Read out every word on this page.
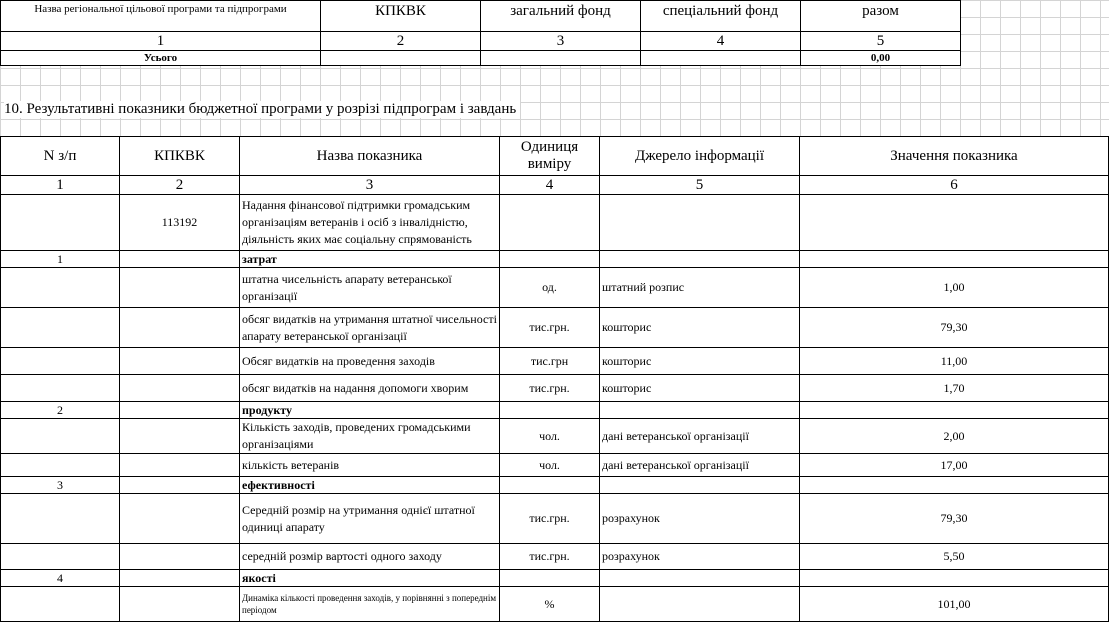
Назва регіональної цільової програми та підпрограми	КПКВК	загальний фонд	спеціальний фонд	разом
1	2	3	4	5
Усього				0,00
10. Результативні показники бюджетної програми у розрізі підпрограм і завдань
N з/п	КПКВК	Назва показника	Одиниця виміру	Джерело інформації	Значення показника
1	2	3	4	5	6
	113192	Надання фінансової підтримки громадським організаціям ветеранів і осіб з інвалідністю, діяльність яких має соціальну спрямованість			
1		затрат			
		штатна чисельність апарату ветеранської організації	од.	штатний розпис	1,00
		обсяг видатків на утримання штатної чисельності апарату ветеранської організації	тис.грн.	кошторис	79,30
		Обсяг видатків на проведення заходів	тис.грн	кошторис	11,00
		обсяг видатків на надання допомоги хворим	тис.грн.	кошторис	1,70
2		продукту			
		Кількість заходів, проведених громадськими організаціями	чол.	дані ветеранської організації	2,00
		кількість ветеранів	чол.	дані ветеранської організації	17,00
3		ефективності			
		Середній розмір на утримання однієї штатної одиниці апарату	тис.грн.	розрахунок	79,30
		середній розмір вартості одного заходу	тис.грн.	розрахунок	5,50
4		якості			
		Динаміка кількості проведення заходів, у порівнянні з попереднім періодом	%		101,00
